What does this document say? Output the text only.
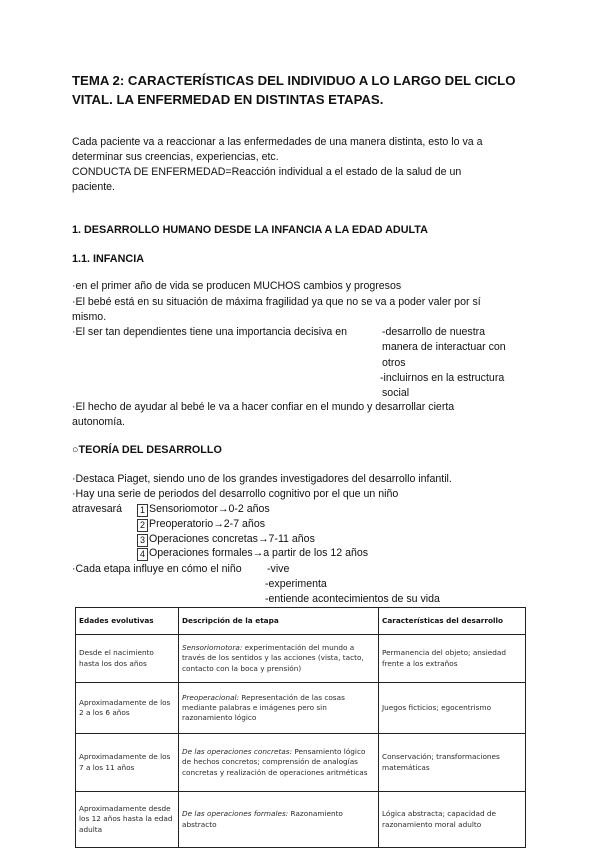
TEMA 2: CARACTERÍSTICAS DEL INDIVIDUO A LO LARGO DEL CICLO
VITAL. LA ENFERMEDAD EN DISTINTAS ETAPAS.
Cada paciente va a reaccionar a las enfermedades de una manera distinta, esto lo va a
determinar sus creencias, experiencias, etc.
CONDUCTA DE ENFERMEDAD=Reacción individual a el estado de la salud de un
paciente.
1. DESARROLLO HUMANO DESDE LA INFANCIA A LA EDAD ADULTA
1.1. INFANCIA
·en el primer año de vida se producen MUCHOS cambios y progresos
·El bebé está en su situación de máxima fragilidad ya que no se va a poder valer por sí
mismo.
·El ser tan dependientes tiene una importancia decisiva en	-desarrollo de nuestra
manera de interactuar con
otros
-incluirnos en la estructura
social
·El hecho de ayudar al bebé le va a hacer confiar en el mundo y desarrollar cierta
autonomía.
○TEORÍA DEL DESARROLLO
·Destaca Piaget, siendo uno de los grandes investigadores del desarrollo infantil.
·Hay una serie de periodos del desarrollo cognitivo por el que un niño
atravesará	1 Sensoriomotor→0-2 años
2 Preoperatorio→2-7 años
3 Operaciones concretas→7-11 años
4 Operaciones formales→a partir de los 12 años
·Cada etapa influye en cómo el niño -vive
-experimenta
-entiende acontecimientos de su vida
Edades evolutivas	Descripción de la etapa	Características del desarrollo
Desde el nacimiento hasta los dos años	Sensoriomotora: experimentación del mundo a través de los sentidos y las acciones (vista, tacto, contacto con la boca y prensión)	Permanencia del objeto; ansiedad frente a los extraños
Aproximadamente de los 2 a los 6 años	Preoperacional: Representación de las cosas mediante palabras e imágenes pero sin razonamiento lógico	Juegos ficticios; egocentrismo
Aproximadamente de los 7 a los 11 años	De las operaciones concretas: Pensamiento lógico de hechos concretos; comprensión de analogías concretas y realización de operaciones aritméticas	Conservación; transformaciones matemáticas
Aproximadamente desde los 12 años hasta la edad adulta	De las operaciones formales: Razonamiento abstracto	Lógica abstracta; capacidad de razonamiento moral adulto
